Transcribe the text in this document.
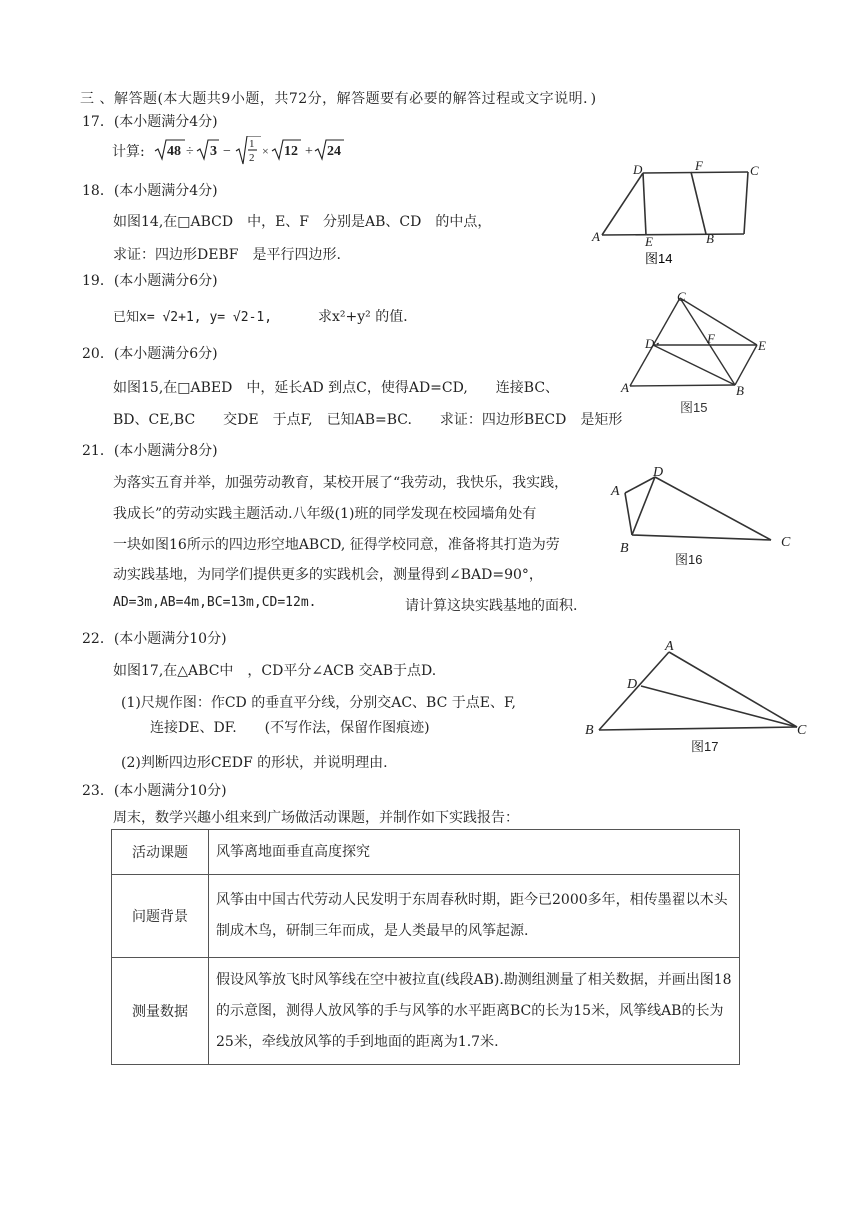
三 、解答题(本大题共9小题，共72分，解答题要有必要的解答过程或文字说明．)
17．(本小题满分4分)
计算: 48 ÷ 3 − 1
2 × 12 + 24
18．(本小题满分4分)
如图14,在□ABCD　中，E、F　分别是AB、CD　的中点，
求证：四边形DEBF　是平行四边形.
A	B
C
D
E
F
图14
19．(本小题满分6分)
已知x= √2+1, y= √2-1,	求x²+y² 的值．
A	B
C
D	E
F
图15
20．(本小题满分6分)
如图15,在□ABED　中，延长AD 到点C，使得AD=CD,　　连接BC、
BD、CE,BC　　交DE　于点F,　已知AB=BC.　　求证：四边形BECD　是矩形
21．(本小题满分8分)
为落实五育并举，加强劳动教育，某校开展了“我劳动，我快乐，我实践，
我成长”的劳动实践主题活动.八年级(1)班的同学发现在校园墙角处有
一块如图16所示的四边形空地ABCD, 征得学校同意，准备将其打造为劳
动实践基地，为同学们提供更多的实践机会，测量得到∠BAD=90°，
AD=3m,AB=4m,BC=13m,CD=12m.	请计算这块实践基地的面积.
A
B	C
D
图16
22．(本小题满分10分)
如图17,在△ABC中　，CD平分∠ACB 交AB于点D.
(1)尺规作图：作CD 的垂直平分线，分别交AC、BC 于点E、F,
连接DE、DF.　　(不写作法，保留作图痕迹)
(2)判断四边形CEDF 的形状，并说明理由.
A
B	C
D
图17
23．(本小题满分10分)
周末，数学兴趣小组来到广场做活动课题，并制作如下实践报告：
活动课题	风筝离地面垂直高度探究
问题背景	风筝由中国古代劳动人民发明于东周春秋时期，距今已2000多年，相传墨翟以木头制成木鸟，研制三年而成，是人类最早的风筝起源.
测量数据	假设风筝放飞时风筝线在空中被拉直(线段AB).勘测组测量了相关数据，并画出图18的示意图，测得人放风筝的手与风筝的水平距离BC的长为15米，风筝线AB的长为25米，牵线放风筝的手到地面的距离为1.7米.
